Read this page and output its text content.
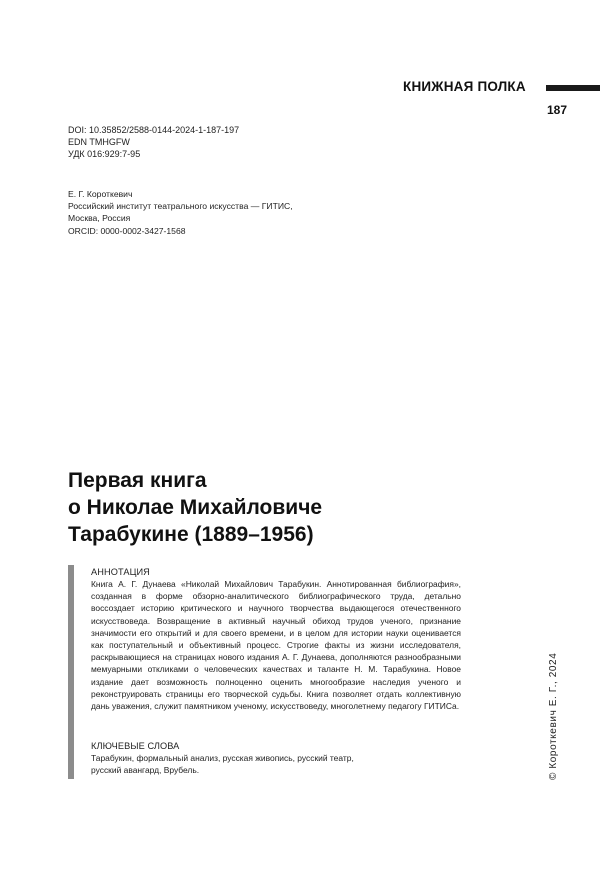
КНИЖНАЯ ПОЛКА
187
DOI: 10.35852/2588-0144-2024-1-187-197
EDN TMHGFW
УДК 016:929:7-95
Е. Г. Короткевич
Российский институт театрального искусства — ГИТИС,
Москва, Россия
ORCID: 0000-0002-3427-1568
Первая книга
о Николае Михайловиче
Тарабукине (1889–1956)
АННОТАЦИЯ

Книга А. Г. Дунаева «Николай Михайлович Тарабукин. Аннотированная библиография», созданная в форме обзорно-аналитического библиографического труда, детально воссоздает историю критического и научного творчества выдающегося отечественного искусствоведа. Возвращение в активный научный обиход трудов ученого, признание значимости его открытий и для своего времени, и в целом для истории науки оценивается как поступательный и объективный процесс. Строгие факты из жизни исследователя, раскрывающиеся на страницах нового издания А. Г. Дунаева, дополняются разнообразными мемуарными откликами о человеческих качествах и таланте Н. М. Тарабукина. Новое издание дает возможность полноценно оценить многообразие наследия ученого и реконструировать страницы его творческой судьбы. Книга позволяет отдать коллективную дань уважения, служит памятником ученому, искусствоведу, многолетнему педагогу ГИТИСа.

КЛЮЧЕВЫЕ СЛОВА
Тарабукин, формальный анализ, русская живопись, русский театр,
русский авангард, Врубель.	© Короткевич Е. Г., 2024
